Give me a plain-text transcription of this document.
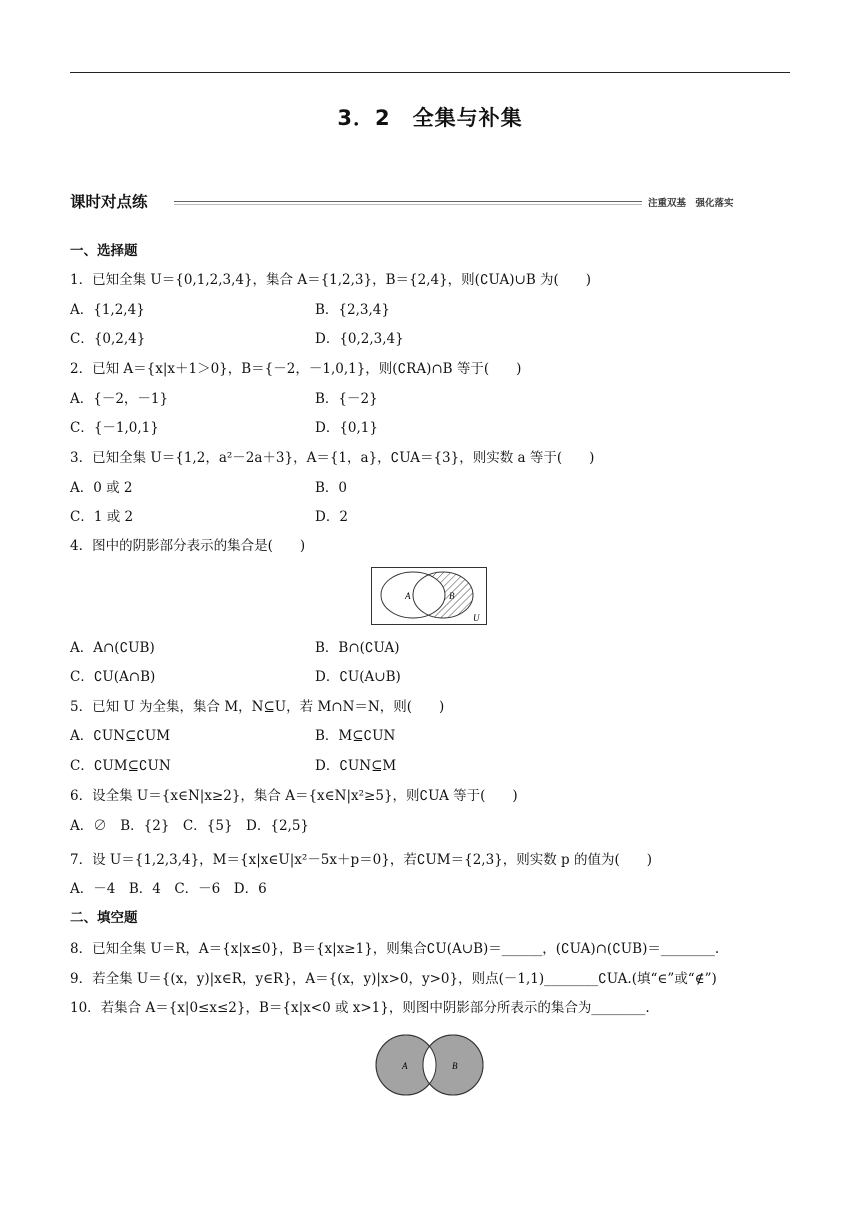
3．2　全集与补集
课时对点练	注重双基　强化落实
一、选择题
1．已知全集 U＝{0,1,2,3,4}，集合 A＝{1,2,3}，B＝{2,4}，则(∁UA)∪B 为(　　)
A．{1,2,4}	B．{2,3,4}
C．{0,2,4}	D．{0,2,3,4}
2．已知 A＝{x|x＋1＞0}，B＝{－2，－1,0,1}，则(∁RA)∩B 等于(　　)
A．{－2，－1}	B．{－2}
C．{－1,0,1}	D．{0,1}
3．已知全集 U＝{1,2，a²－2a＋3}，A＝{1，a}，∁UA＝{3}，则实数 a 等于(　　)
A．0 或 2	B．0
C．1 或 2	D．2
4．图中的阴影部分表示的集合是(　　)
A	B
U
A．A∩(∁UB)	B．B∩(∁UA)
C．∁U(A∩B)	D．∁U(A∪B)
5．已知 U 为全集，集合 M，N⊆U，若 M∩N＝N，则(　　)
A．∁UN⊆∁UM	B．M⊆∁UN
C．∁UM⊆∁UN	D．∁UN⊆M
6．设全集 U＝{x∈N|x≥2}，集合 A＝{x∈N|x²≥5}，则∁UA 等于(　　)
A．∅　B．{2}　C．{5}　D．{2,5}
7．设 U＝{1,2,3,4}，M＝{x|x∈U|x²－5x＋p＝0}，若∁UM＝{2,3}，则实数 p 的值为(　　)
A．－4　B．4　C．－6　D．6
二、填空题
8．已知全集 U＝R，A＝{x|x≤0}，B＝{x|x≥1}，则集合∁U(A∪B)＝______，(∁UA)∩(∁UB)＝________.
9．若全集 U＝{(x，y)|x∈R，y∈R}，A＝{(x，y)|x>0，y>0}，则点(－1,1)________∁UA.(填“∈”或“∉”)
10．若集合 A＝{x|0≤x≤2}，B＝{x|x<0 或 x>1}，则图中阴影部分所表示的集合为________.
A	B
